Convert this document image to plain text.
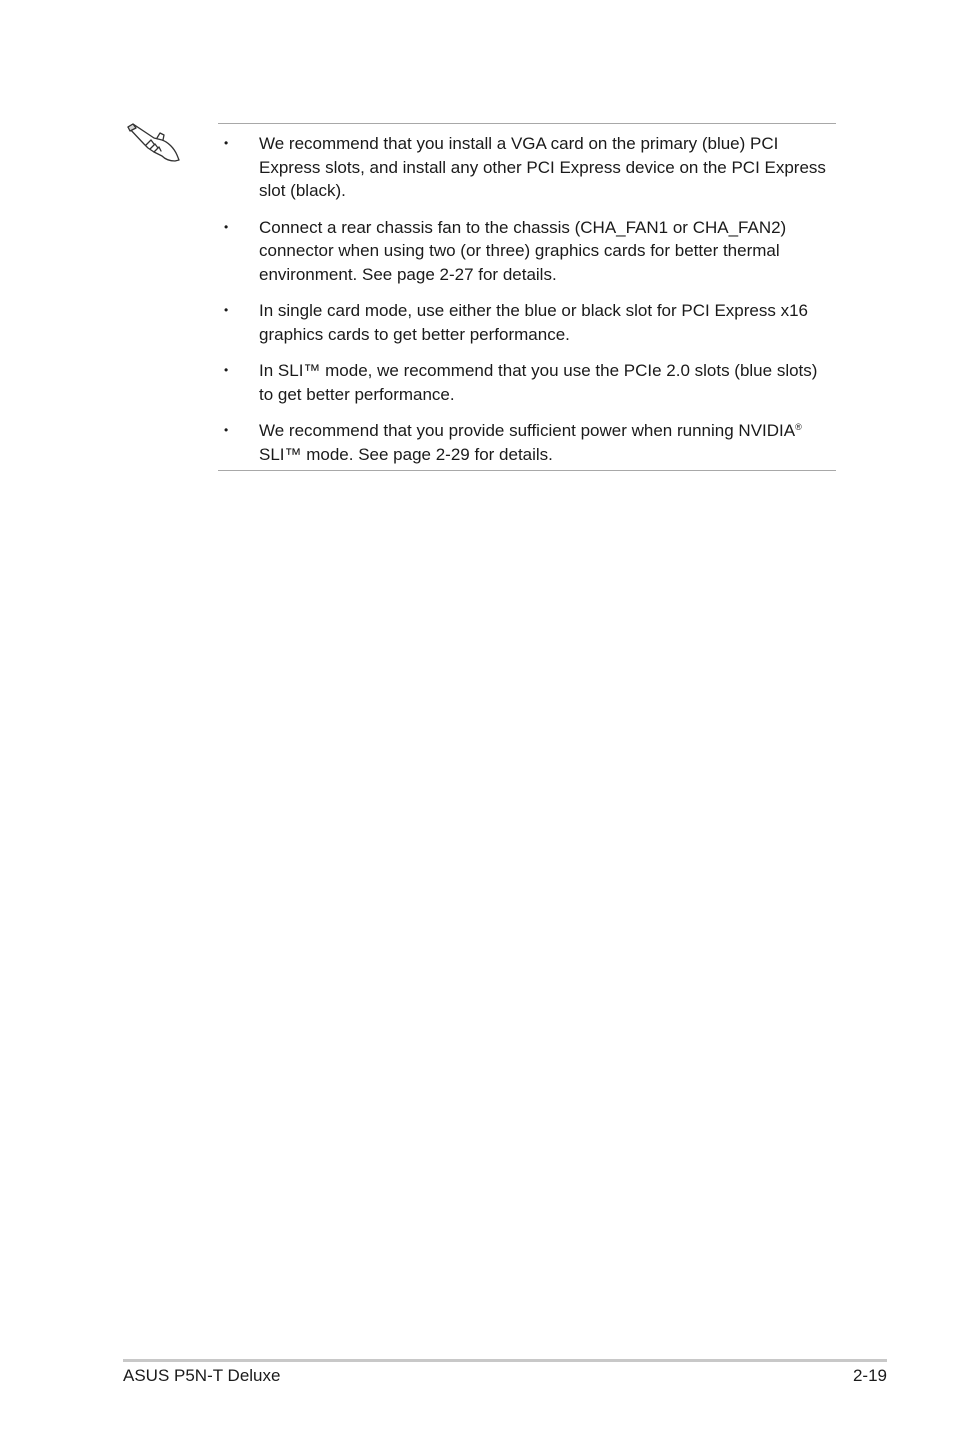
• We recommend that you install a VGA card on the primary (blue) PCI Express slots, and install any other PCI Express device on the PCI Express slot (black).
• Connect a rear chassis fan to the chassis (CHA_FAN1 or CHA_FAN2) connector when using two (or three) graphics cards for better thermal environment. See page 2-27 for details.
• In single card mode, use either the blue or black slot for PCI Express x16 graphics cards to get better performance.
• In SLI™ mode, we recommend that you use the PCIe 2.0 slots (blue slots) to get better performance.
• We recommend that you provide sufficient power when running NVIDIA® SLI™ mode. See page 2-29 for details.
ASUS P5N-T Deluxe	2-19
